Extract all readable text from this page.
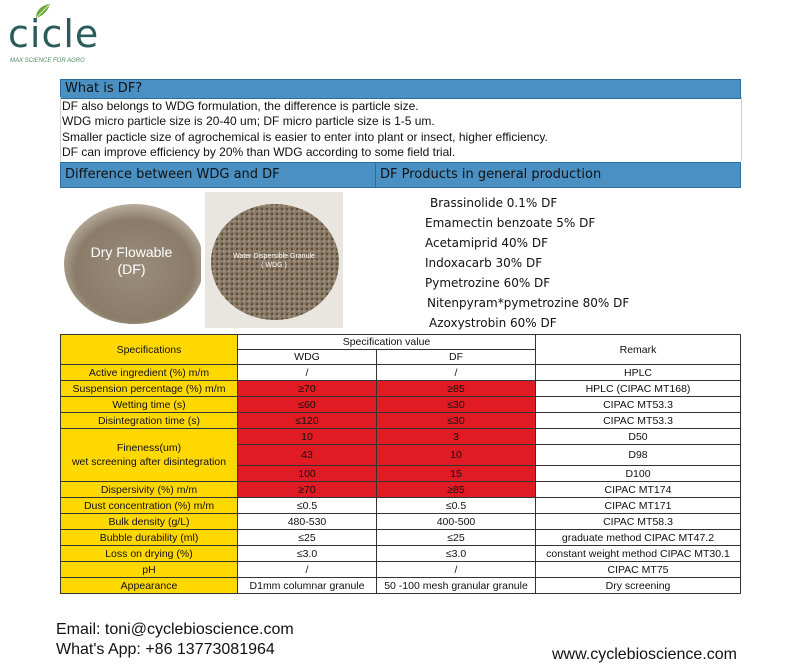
cicle
MAX SCIENCE FOR AGRO
What is DF?
DF also belongs to WDG formulation, the difference is particle size.
WDG micro particle size is 20-40 um; DF micro particle size is 1-5 um.
Smaller pacticle size of agrochemical is easier to enter into plant or insect, higher efficiency.
DF can improve efficiency by 20% than WDG according to some field trial.
Difference between WDG and DF	DF Products in general production
Dry Flowable
(DF)
Water Dispersible Granule
( WDG )
Brassinolide 0.1% DF
Emamectin benzoate 5% DF
Acetamiprid 40% DF
Indoxacarb 30% DF
Pymetrozine 60% DF
Nitenpyram*pymetrozine 80% DF
Azoxystrobin 60% DF
Specifications	Specification value		Remark
	WDG	DF	
Active ingredient (%) m/m	/	/	HPLC
Suspension percentage (%) m/m	≥70	≥85	HPLC (CIPAC MT168)
Wetting time (s)	≤60	≤30	CIPAC MT53.3
Disintegration time (s)	≤120	≤30	CIPAC MT53.3

Fineness(um)
wet screening after disintegration	10	3	D50
	43	10	D98
	100	15	D100
Dispersivity (%) m/m	≥70	≥85	CIPAC MT174
Dust concentration (%) m/m	≤0.5	≤0.5	CIPAC MT171
Bulk density (g/L)	480-530	400-500	CIPAC MT58.3
Bubble durability (ml)	≤25	≤25	graduate method CIPAC MT47.2
Loss on drying (%)	≤3.0	≤3.0	constant weight method CIPAC MT30.1
pH	/	/	CIPAC MT75
Appearance	D1mm columnar granule	50 -100 mesh granular granule	Dry screening
Email: toni@cyclebioscience.com
What's App: +86 13773081964	www.cyclebioscience.com
